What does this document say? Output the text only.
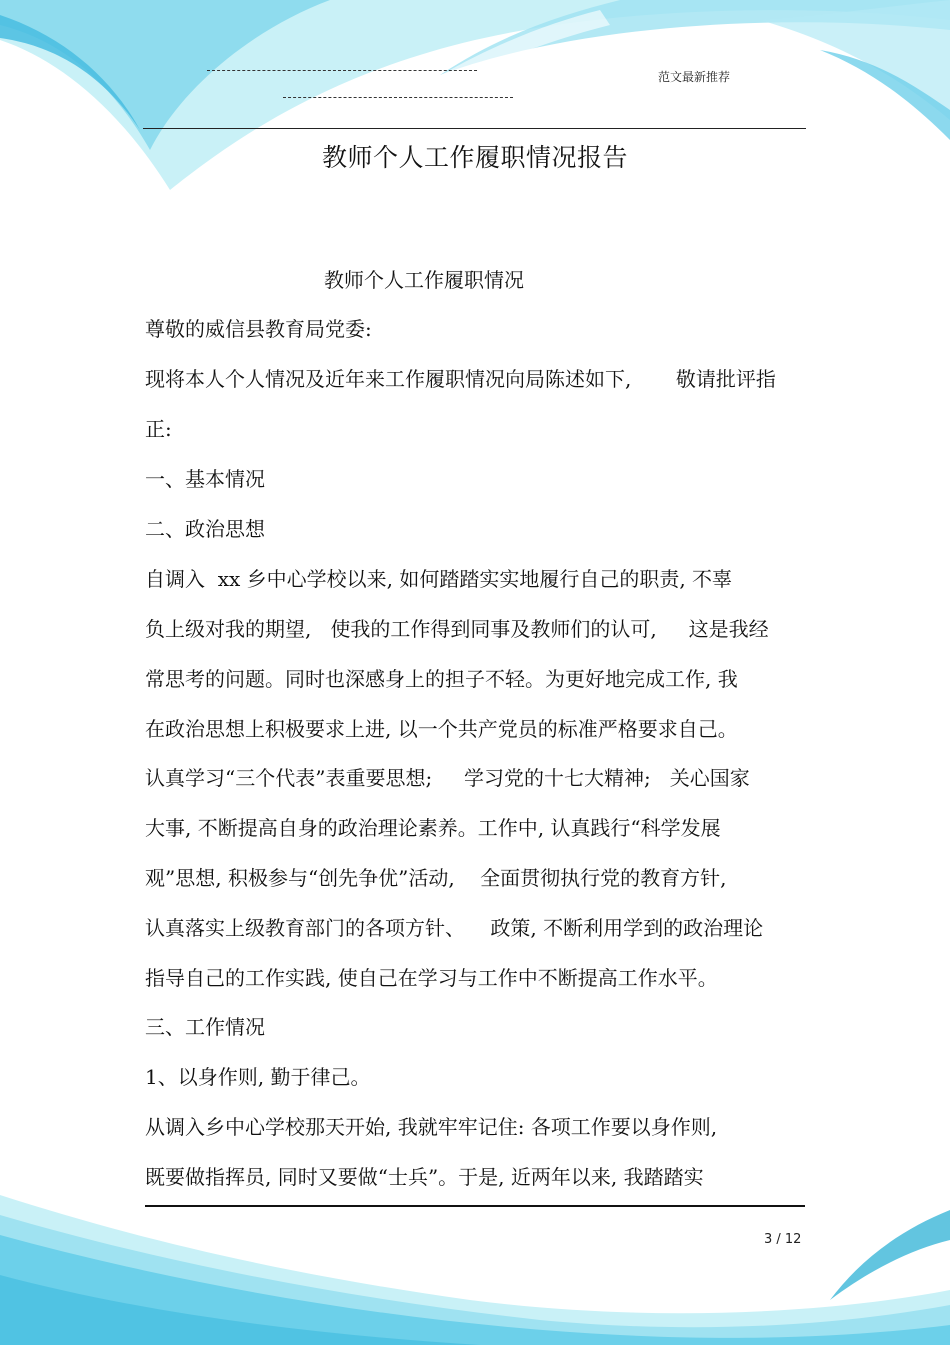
范文最新推荐
教师个人工作履职情况报告
教师个人工作履职情况
尊敬的威信县教育局党委:
现将本人个人情况及近年来工作履职情况向局陈述如下,       敬请批评指
正:
一、基本情况
二、政治思想
自调入  xx 乡中心学校以来, 如何踏踏实实地履行自己的职责, 不辜
负上级对我的期望,   使我的工作得到同事及教师们的认可,     这是我经
常思考的问题。同时也深感身上的担子不轻。为更好地完成工作, 我
在政治思想上积极要求上进, 以一个共产党员的标准严格要求自己。
认真学习“三个代表”表重要思想;     学习党的十七大精神;   关心国家
大事, 不断提高自身的政治理论素养。工作中, 认真践行“科学发展
观”思想, 积极参与“创先争优”活动,    全面贯彻执行党的教育方针,
认真落实上级教育部门的各项方针、    政策, 不断利用学到的政治理论
指导自己的工作实践, 使自己在学习与工作中不断提高工作水平。
三、工作情况
1、以身作则, 勤于律己。
从调入乡中心学校那天开始, 我就牢牢记住: 各项工作要以身作则,
既要做指挥员, 同时又要做“士兵”。于是, 近两年以来, 我踏踏实
3 / 12
